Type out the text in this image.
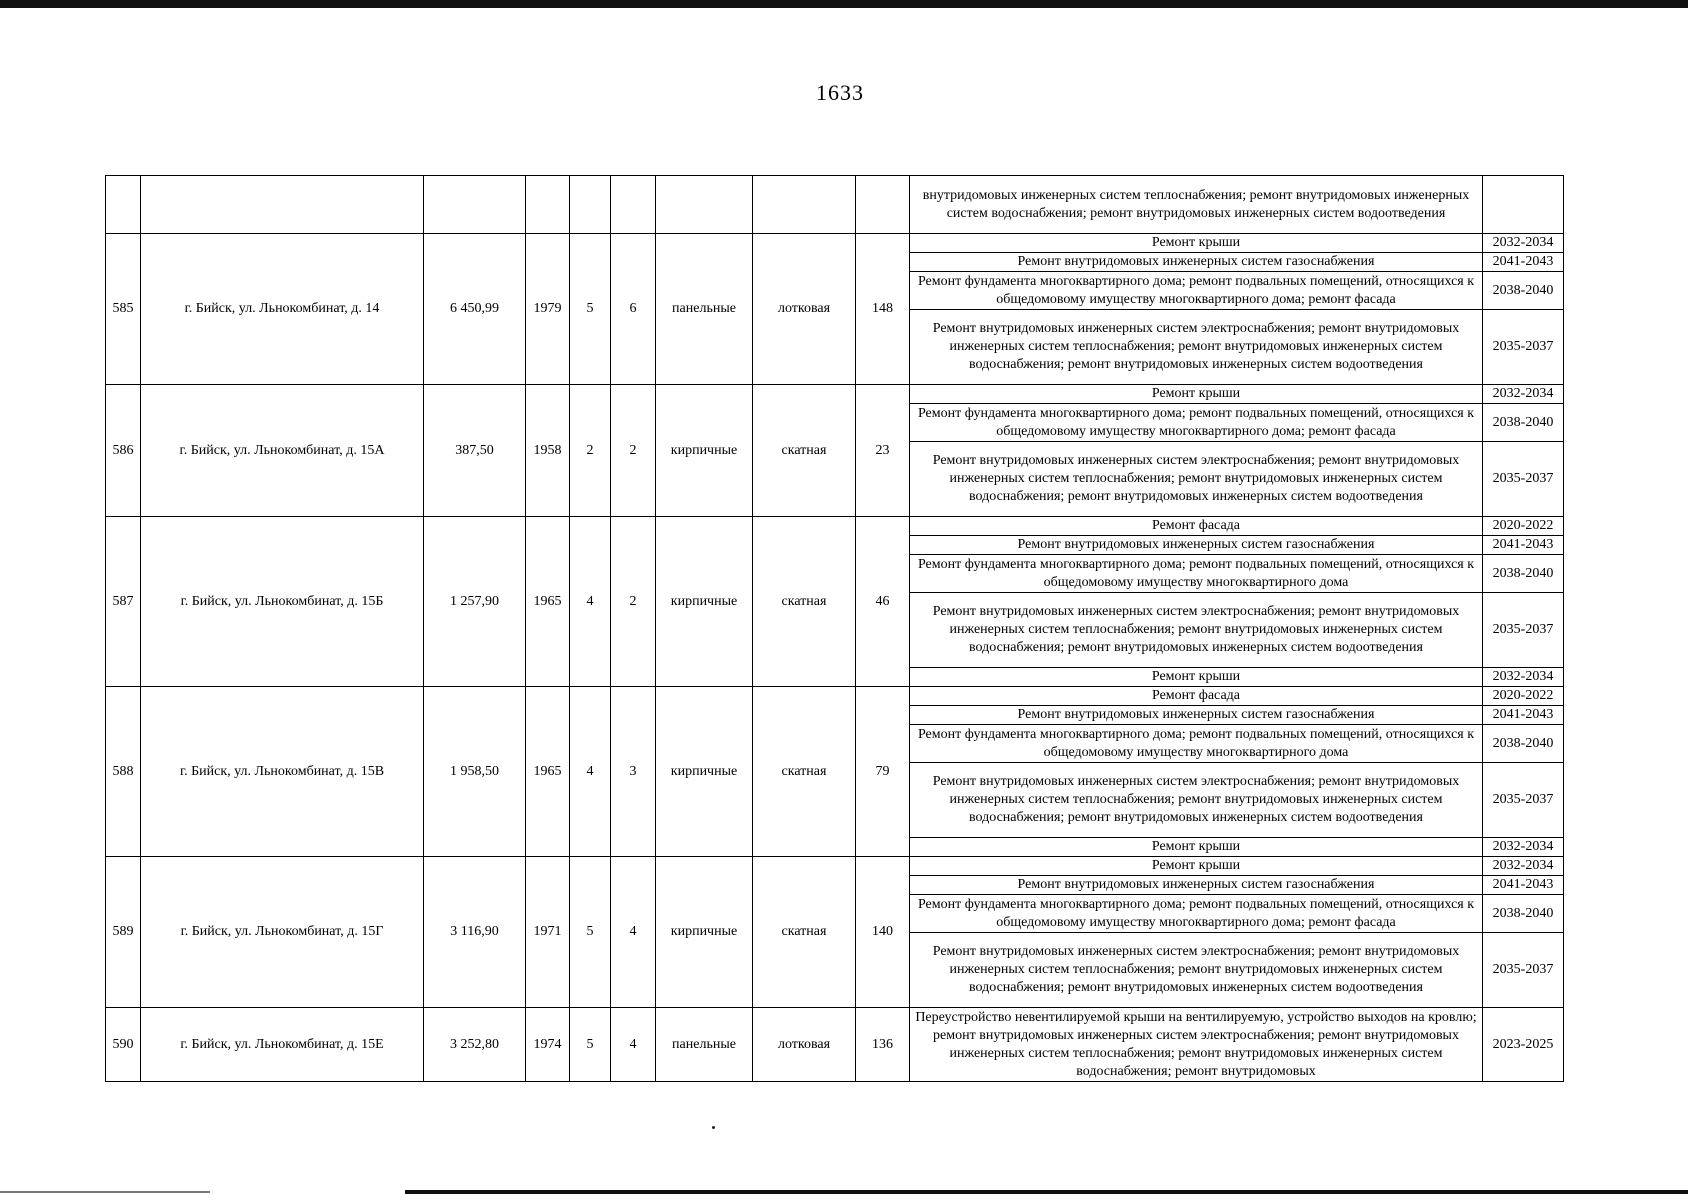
1633
									внутридомовых инженерных систем теплоснабжения; ремонт внутридомовых инженерных систем водоснабжения; ремонт внутридомовых инженерных систем водоотведения	
585	г. Бийск, ул. Льнокомбинат, д. 14	6 450,99	1979	5	6	панельные	лотковая	148	Ремонт крыши	2032-2034
									Ремонт внутридомовых инженерных систем газоснабжения	2041-2043
									Ремонт фундамента многоквартирного дома; ремонт подвальных помещений, относящихся к общедомовому имуществу многоквартирного дома; ремонт фасада	2038-2040
									Ремонт внутридомовых инженерных систем электроснабжения; ремонт внутридомовых инженерных систем теплоснабжения; ремонт внутридомовых инженерных систем водоснабжения; ремонт внутридомовых инженерных систем водоотведения	2035-2037
586	г. Бийск, ул. Льнокомбинат, д. 15А	387,50	1958	2	2	кирпичные	скатная	23	Ремонт крыши	2032-2034
									Ремонт фундамента многоквартирного дома; ремонт подвальных помещений, относящихся к общедомовому имуществу многоквартирного дома; ремонт фасада	2038-2040
									Ремонт внутридомовых инженерных систем электроснабжения; ремонт внутридомовых инженерных систем теплоснабжения; ремонт внутридомовых инженерных систем водоснабжения; ремонт внутридомовых инженерных систем водоотведения	2035-2037
587	г. Бийск, ул. Льнокомбинат, д. 15Б	1 257,90	1965	4	2	кирпичные	скатная	46	Ремонт фасада	2020-2022
									Ремонт внутридомовых инженерных систем газоснабжения	2041-2043
									Ремонт фундамента многоквартирного дома; ремонт подвальных помещений, относящихся к общедомовому имуществу многоквартирного дома	2038-2040
									Ремонт внутридомовых инженерных систем электроснабжения; ремонт внутридомовых инженерных систем теплоснабжения; ремонт внутридомовых инженерных систем водоснабжения; ремонт внутридомовых инженерных систем водоотведения	2035-2037
									Ремонт крыши	2032-2034
588	г. Бийск, ул. Льнокомбинат, д. 15В	1 958,50	1965	4	3	кирпичные	скатная	79	Ремонт фасада	2020-2022
									Ремонт внутридомовых инженерных систем газоснабжения	2041-2043
									Ремонт фундамента многоквартирного дома; ремонт подвальных помещений, относящихся к общедомовому имуществу многоквартирного дома	2038-2040
									Ремонт внутридомовых инженерных систем электроснабжения; ремонт внутридомовых инженерных систем теплоснабжения; ремонт внутридомовых инженерных систем водоснабжения; ремонт внутридомовых инженерных систем водоотведения	2035-2037
									Ремонт крыши	2032-2034
589	г. Бийск, ул. Льнокомбинат, д. 15Г	3 116,90	1971	5	4	кирпичные	скатная	140	Ремонт крыши	2032-2034
									Ремонт внутридомовых инженерных систем газоснабжения	2041-2043
									Ремонт фундамента многоквартирного дома; ремонт подвальных помещений, относящихся к общедомовому имуществу многоквартирного дома; ремонт фасада	2038-2040
									Ремонт внутридомовых инженерных систем электроснабжения; ремонт внутридомовых инженерных систем теплоснабжения; ремонт внутридомовых инженерных систем водоснабжения; ремонт внутридомовых инженерных систем водоотведения	2035-2037
590	г. Бийск, ул. Льнокомбинат, д. 15Е	3 252,80	1974	5	4	панельные	лотковая	136	Переустройство невентилируемой крыши на вентилируемую, устройство выходов на кровлю; ремонт внутридомовых инженерных систем электроснабжения; ремонт внутридомовых инженерных систем теплоснабжения; ремонт внутридомовых инженерных систем водоснабжения; ремонт внутридомовых	2023-2025
